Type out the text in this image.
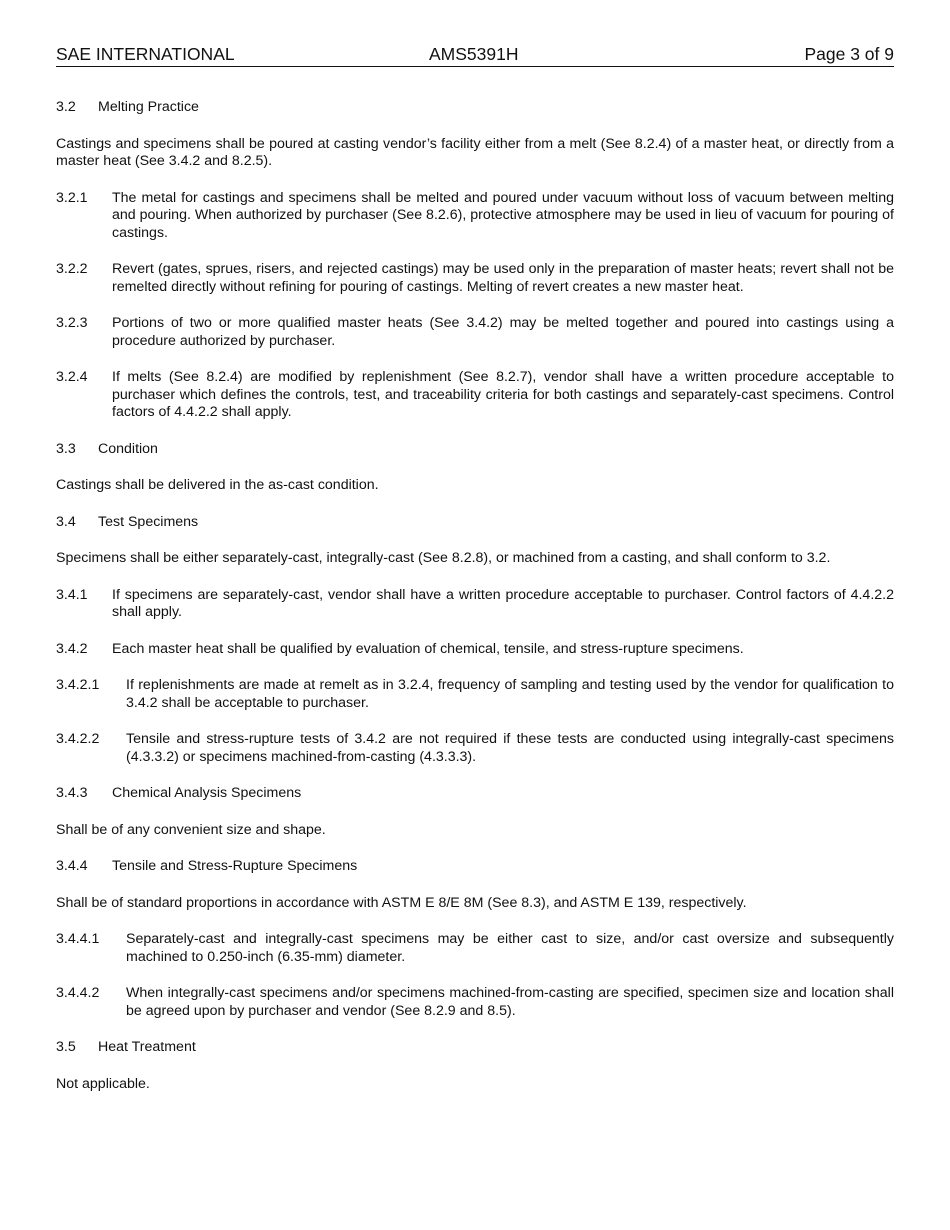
SAE INTERNATIONAL	AMS5391H	Page 3 of 9
3.2 Melting Practice
Castings and specimens shall be poured at casting vendor’s facility either from a melt (See 8.2.4) of a master heat, or directly from a master heat (See 3.4.2 and 8.2.5).
3.2.1 The metal for castings and specimens shall be melted and poured under vacuum without loss of vacuum between melting and pouring. When authorized by purchaser (See 8.2.6), protective atmosphere may be used in lieu of vacuum for pouring of castings.
3.2.2 Revert (gates, sprues, risers, and rejected castings) may be used only in the preparation of master heats; revert shall not be remelted directly without refining for pouring of castings. Melting of revert creates a new master heat.
3.2.3 Portions of two or more qualified master heats (See 3.4.2) may be melted together and poured into castings using a procedure authorized by purchaser.
3.2.4 If melts (See 8.2.4) are modified by replenishment (See 8.2.7), vendor shall have a written procedure acceptable to purchaser which defines the controls, test, and traceability criteria for both castings and separately-cast specimens. Control factors of 4.4.2.2 shall apply.
3.3 Condition
Castings shall be delivered in the as-cast condition.
3.4 Test Specimens
Specimens shall be either separately-cast, integrally-cast (See 8.2.8), or machined from a casting, and shall conform to 3.2.
3.4.1 If specimens are separately-cast, vendor shall have a written procedure acceptable to purchaser. Control factors of 4.4.2.2 shall apply.
3.4.2 Each master heat shall be qualified by evaluation of chemical, tensile, and stress-rupture specimens.
3.4.2.1 If replenishments are made at remelt as in 3.2.4, frequency of sampling and testing used by the vendor for qualification to 3.4.2 shall be acceptable to purchaser.
3.4.2.2 Tensile and stress-rupture tests of 3.4.2 are not required if these tests are conducted using integrally-cast specimens (4.3.3.2) or specimens machined-from-casting (4.3.3.3).
3.4.3 Chemical Analysis Specimens
Shall be of any convenient size and shape.
3.4.4 Tensile and Stress-Rupture Specimens
Shall be of standard proportions in accordance with ASTM E 8/E 8M (See 8.3), and ASTM E 139, respectively.
3.4.4.1 Separately-cast and integrally-cast specimens may be either cast to size, and/or cast oversize and subsequently machined to 0.250-inch (6.35-mm) diameter.
3.4.4.2 When integrally-cast specimens and/or specimens machined-from-casting are specified, specimen size and location shall be agreed upon by purchaser and vendor (See 8.2.9 and 8.5).
3.5 Heat Treatment
Not applicable.
